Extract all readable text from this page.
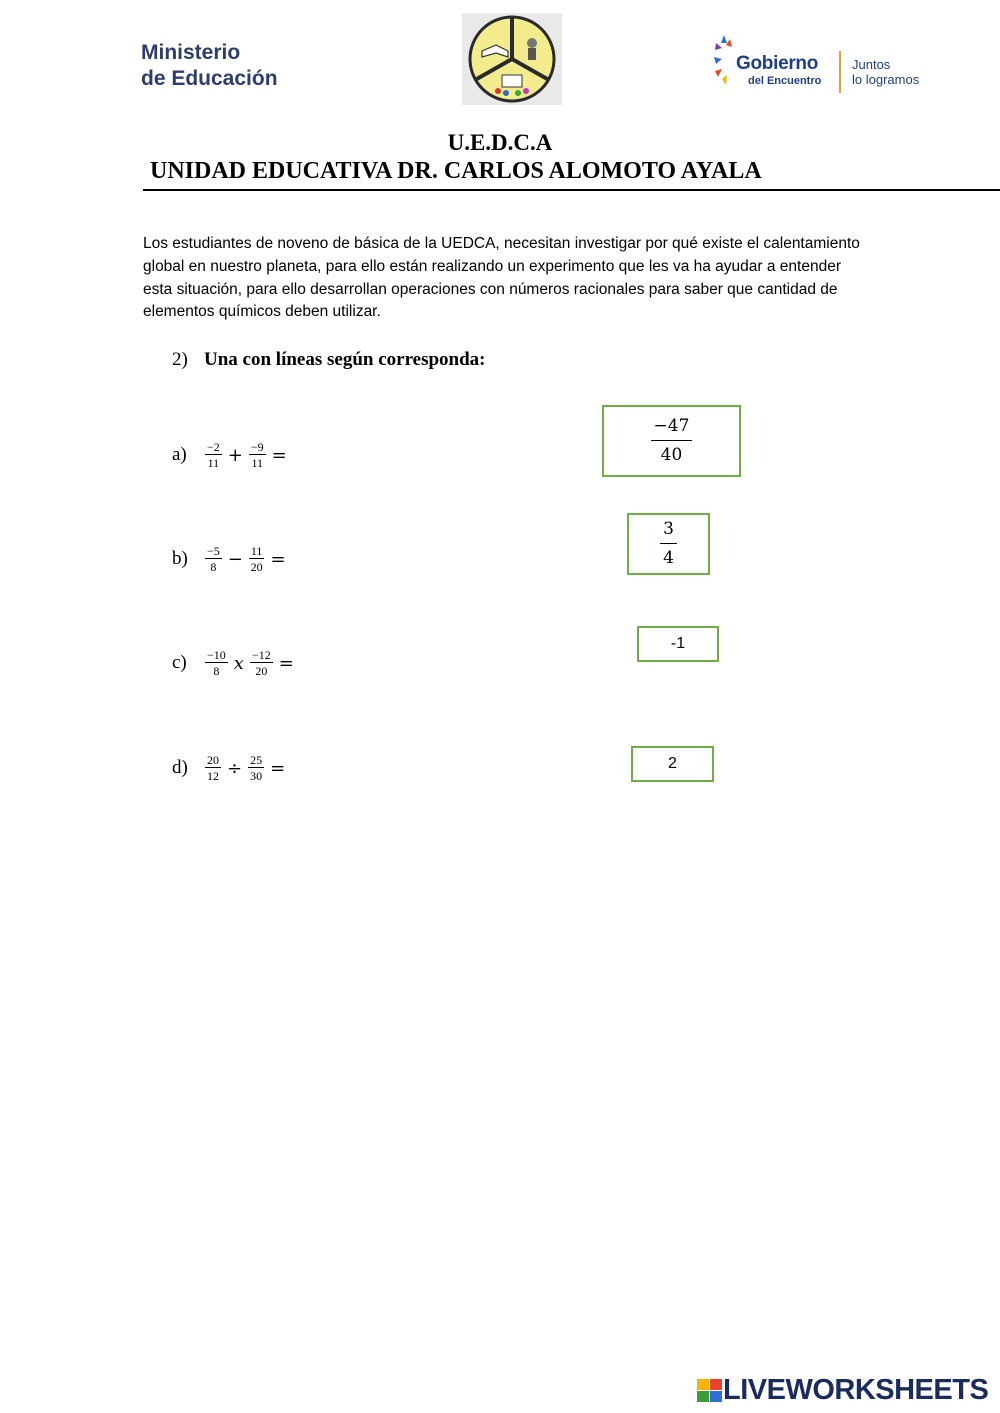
Ministerio
de Educación
Gobierno
del Encuentro
Juntos
lo logramos
U.E.D.C.A
UNIDAD EDUCATIVA DR. CARLOS ALOMOTO AYALA
Los estudiantes de noveno de básica de la UEDCA, necesitan investigar por qué existe el calentamiento global en nuestro planeta, para ello están realizando un experimento que les va ha ayudar a entender esta situación, para ello desarrollan operaciones con números racionales para saber que cantidad de elementos químicos deben utilizar.
2) Una con líneas según corresponda:
a)	$\frac{-2}{11} + \frac{-9}{11}$ =
b)	$\frac{-5}{8} - \frac{11}{20}$ =
c)	$\frac{-10}{8}$ x $\frac{-12}{20}$ =
d)	$\frac{20}{12} \div \frac{25}{30}$ =
$\frac{-47}{40}$
$\frac{3}{4}$
-1
2
LIVEWORKSHEETS
